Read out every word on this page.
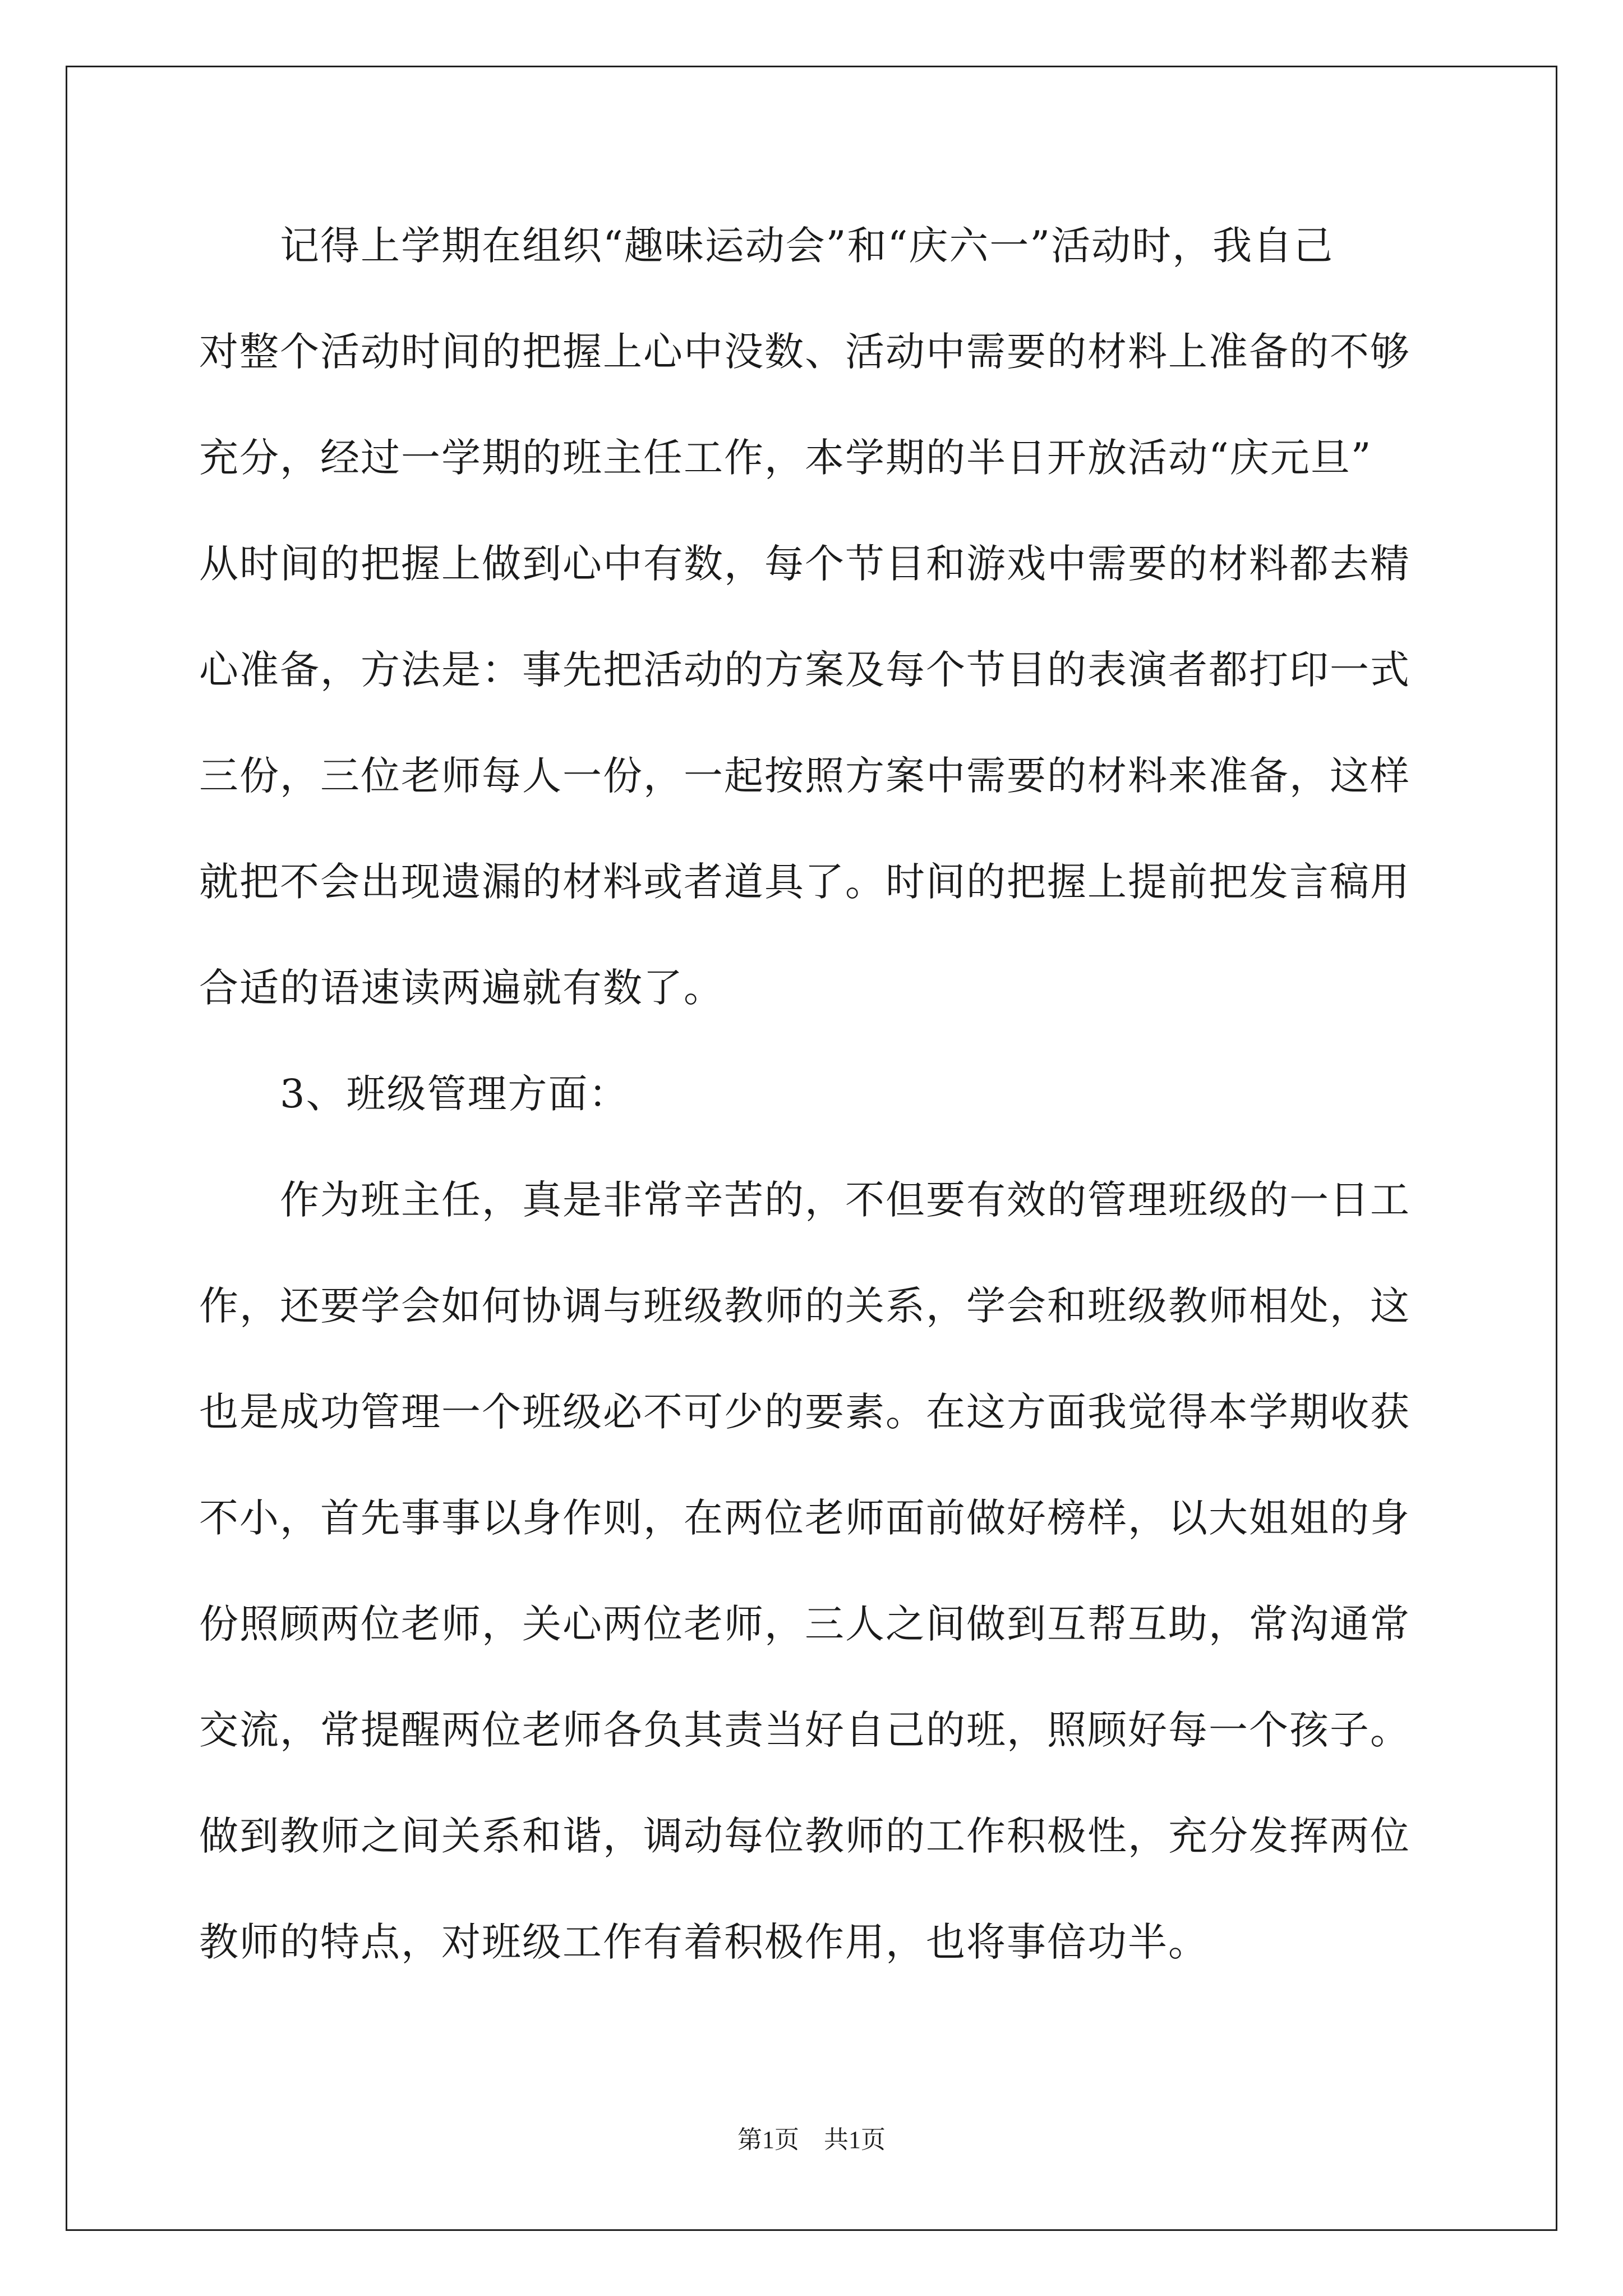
　　记得上学期在组织“趣味运动会”和“庆六一”活动时，我自己
对整个活动时间的把握上心中没数、活动中需要的材料上准备的不够
充分，经过一学期的班主任工作，本学期的半日开放活动“庆元旦”
从时间的把握上做到心中有数，每个节目和游戏中需要的材料都去精
心准备，方法是：事先把活动的方案及每个节目的表演者都打印一式
三份，三位老师每人一份，一起按照方案中需要的材料来准备，这样
就把不会出现遗漏的材料或者道具了。时间的把握上提前把发言稿用
合适的语速读两遍就有数了。
　　3、班级管理方面：
　　作为班主任，真是非常辛苦的，不但要有效的管理班级的一日工
作，还要学会如何协调与班级教师的关系，学会和班级教师相处，这
也是成功管理一个班级必不可少的要素。在这方面我觉得本学期收获
不小，首先事事以身作则，在两位老师面前做好榜样，以大姐姐的身
份照顾两位老师，关心两位老师，三人之间做到互帮互助，常沟通常
交流，常提醒两位老师各负其责当好自己的班，照顾好每一个孩子。
做到教师之间关系和谐，调动每位教师的工作积极性，充分发挥两位
教师的特点，对班级工作有着积极作用，也将事倍功半。
第1页　共1页
